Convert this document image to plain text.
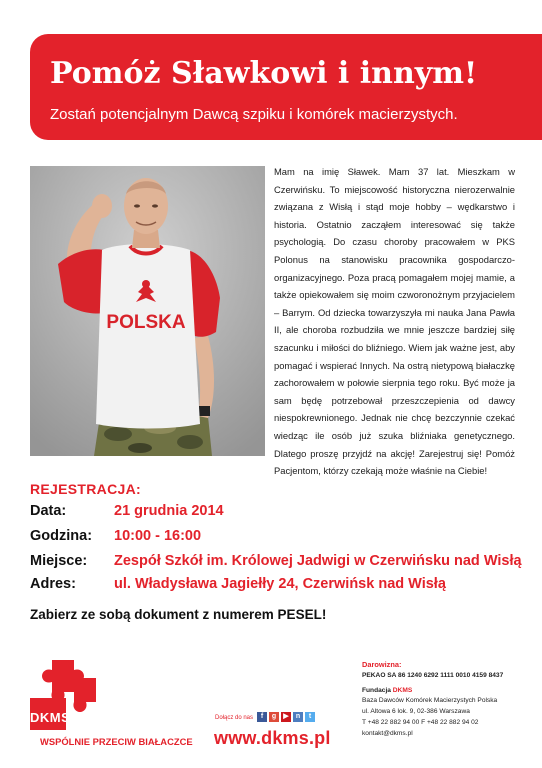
Pomóż Sławkowi i innym!
Zostań potencjalnym Dawcą szpiku i komórek macierzystych.
POLSKA
Mam na imię Sławek. Mam 37 lat. Mieszkam w Czerwińsku. To miejscowość historyczna nierozerwalnie związana z Wisłą i stąd moje hobby – wędkarstwo i historia. Ostatnio zacząłem interesować się także psychologią. Do czasu choroby pracowałem w PKS Polonus na stanowisku pracownika gospodarczo-organizacyjnego. Poza pracą pomagałem mojej mamie, a także opiekowałem się moim czworonożnym przyjacielem – Barrym. Od dziecka towarzyszyła mi nauka Jana Pawła II, ale choroba rozbudziła we mnie jeszcze bardziej siłę szacunku i miłości do bliźniego. Wiem jak ważne jest, aby pomagać i wspierać Innych. Na ostrą nietypową białaczkę zachorowałem w połowie sierpnia tego roku. Być może ja sam będę potrzebował przeszczepienia od dawcy niespokrewnionego. Jednak nie chcę bezczynnie czekać wiedząc ile osób już szuka bliźniaka genetycznego. Dlatego proszę przyjdź na akcję! Zarejestruj się! Pomóż Pacjentom, którzy czekają może właśnie na Ciebie!
REJESTRACJA:
Data:	21 grudnia 2014
Godzina: 10:00 - 16:00
Miejsce: Zespół Szkół im. Królowej Jadwigi w Czerwińsku nad Wisłą
Adres:	ul. Władysława Jagiełły 24, Czerwińsk nad Wisłą
Zabierz ze sobą dokument z numerem PESEL!
DKMS
WSPÓLNIE PRZECIW BIAŁACZCE
Dołącz do nas	f	g	▶	n	t
www.dkms.pl
Darowizna:
PEKAO SA 86 1240 6292 1111 0010 4159 8437
Fundacja DKMS
Baza Dawców Komórek Macierzystych Polska
ul. Altowa 6 lok. 9, 02-386 Warszawa
T +48 22 882 94 00 F +48 22 882 94 02
kontakt@dkms.pl
